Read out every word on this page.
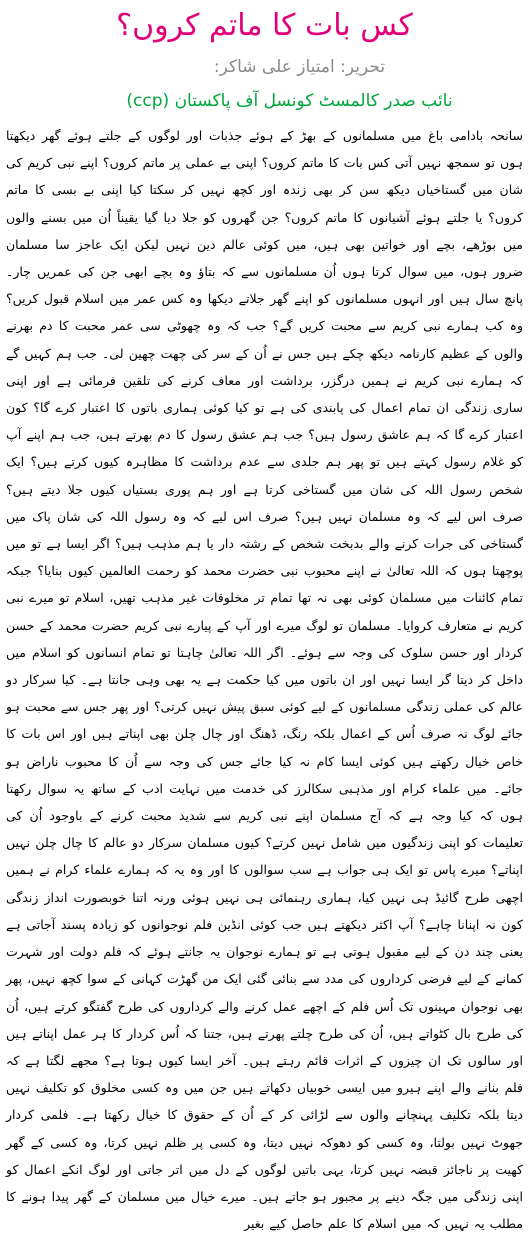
کس بات کا ماتم کروں؟
تحریر: امتیاز علی شاکر:
نائب صدر کالمسٹ کونسل آف پاکستان (ccp)

سانحہ بادامی باغ میں مسلمانوں کے بھڑ کے ہوئے جذبات اور لوگوں کے جلتے ہوئے گھر دیکھتا ہوں تو سمجھ نہیں آتی کس بات کا ماتم کروں؟ اپنی بے عملی پر ماتم کروں؟ اپنے نبی کریم کی شان میں گستاخیاں دیکھ سن کر بھی زندہ اور کچھ نہیں کر سکتا کیا اپنی بے بسی کا ماتم کروں؟ یا جلتے ہوئے آشیانوں کا ماتم کروں؟ جن گھروں کو جلا دیا گیا یقیناً اُن میں بسنے والوں میں بوڑھے، بچے اور خواتین بھی ہیں، میں کوئی عالم دین نہیں لیکن ایک عاجز سا مسلمان ضرور ہوں، میں سوال کرتا ہوں اُن مسلمانوں سے کہ بتاؤ وہ بچے ابھی جن کی عمریں چار۔ پانچ سال ہیں اور انہوں مسلمانوں کو اپنے گھر جلاتے دیکھا وہ کس عمر میں اسلام قبول کریں؟ وہ کب ہمارے نبی کریم سے محبت کریں گے؟ جب کہ وہ چھوٹی سی عمر محبت کا دم بھرنے والوں کے عظیم کارنامہ دیکھ چکے ہیں جس نے اُن کے سر کی چھت چھین لی۔ جب ہم کہیں گے کہ ہمارے نبی کریم نے ہمیں درگزر، برداشت اور معاف کرنے کی تلقین فرمائی ہے اور اپنی ساری زندگی ان تمام اعمال کی پابندی کی ہے تو کیا کوئی ہماری باتوں کا اعتبار کرے گا؟ کون اعتبار کرے گا کہ ہم عاشق رسول ہیں؟ جب ہم عشق رسول کا دم بھرتے ہیں، جب ہم اپنے آپ کو غلام رسول کہتے ہیں تو پھر ہم جلدی سے عدم برداشت کا مظاہرہ کیوں کرتے ہیں؟ ایک شخص رسول اللہ کی شان میں گستاخی کرتا ہے اور ہم پوری بستیاں کیوں جلا دیتے ہیں؟ صرف اس لیے کہ وہ مسلمان نہیں ہیں؟ صرف اس لیے کہ وہ رسول اللہ کی شان پاک میں گستاخی کی جرات کرنے والے بدبخت شخص کے رشتہ دار یا ہم مذہب ہیں؟ اگر ایسا ہے تو میں پوچھتا ہوں کہ اللہ تعالیٰ نے اپنے محبوب نبی حضرت محمد کو رحمت العالمین کیوں بنایا؟ جبکہ تمام کائنات میں مسلمان کوئی بھی نہ تھا تمام تر مخلوقات غیر مذہب تھیں، اسلام تو میرے نبی کریم نے متعارف کروایا۔ مسلمان تو لوگ میرے اور آپ کے پیارے نبی کریم حضرت محمد کے حسن کردار اور حسن سلوک کی وجہ سے ہوئے۔ اگر اللہ تعالیٰ چاہتا تو تمام انسانوں کو اسلام میں داخل کر دیتا گر ایسا نہیں اور ان باتوں میں کیا حکمت ہے یہ بھی وہی جانتا ہے۔ کیا سرکار دو عالم کی عملی زندگی مسلمانوں کے لیے کوئی سبق پیش نہیں کرتی؟ اور پھر جس سے محبت ہو جائے لوگ نہ صرف اُس کے اعمال بلکہ رنگ، ڈھنگ اور چال چلن بھی اپناتے ہیں اور اس بات کا خاص خیال رکھتے ہیں کوئی ایسا کام نہ کیا جائے جس کی وجہ سے اُن کا محبوب ناراض ہو جائے۔ میں علماء کرام اور مذہبی سکالرز کی خدمت میں نہایت ادب کے ساتھ یہ سوال رکھتا ہوں کہ کیا وجہ ہے کہ آج مسلمان اپنے نبی کریم سے شدید محبت کرنے کے باوجود اُن کی تعلیمات کو اپنی زندگیوں میں شامل نہیں کرتے؟ کیوں مسلمان سرکار دو عالم کا چال چلن نہیں اپناتے؟ میرے پاس تو ایک ہی جواب ہے سب سوالوں کا اور وہ یہ کہ ہمارے علماء کرام نے ہمیں اچھی طرح گائیڈ ہی نہیں کیا، ہماری رہنمائی ہی نہیں ہوئی ورنہ اتنا خوبصورت انداز زندگی کون نہ اپنانا چاہے؟ آپ اکثر دیکھتے ہیں جب کوئی انڈین فلم نوجوانوں کو زیادہ پسند آجاتی ہے یعنی چند دن کے لیے مقبول ہوتی ہے تو ہمارے نوجوان یہ جانتے ہوئے کہ فلم دولت اور شہرت کمانے کے لیے فرضی کرداروں کی مدد سے بنائی گئی ایک من گھڑت کہانی کے سوا کچھ نہیں، پھر بھی نوجوان مہینوں تک اُس فلم کے اچھے عمل کرنے والے کرداروں کی طرح گفتگو کرتے ہیں، اُن کی طرح بال کٹواتے ہیں، اُن کی طرح چلتے پھرتے ہیں، جتنا کہ اُس کردار کا ہر عمل اپناتے ہیں اور سالوں تک ان چیزوں کے اثرات قائم رہتے ہیں۔ آخر ایسا کیوں ہوتا ہے؟ مجھے لگتا ہے کہ فلم بنانے والے اپنے ہیرو میں ایسی خوبیاں دکھاتے ہیں جن میں وہ کسی مخلوق کو تکلیف نہیں دیتا بلکہ تکلیف پہنچانے والوں سے لڑائی کر کے اُن کے حقوق کا خیال رکھتا ہے۔ فلمی کردار جھوٹ نہیں بولتا، وہ کسی کو دھوکہ نہیں دیتا، وہ کسی پر ظلم نہیں کرتا، وہ کسی کے گھر کھیت پر ناجائز قبضہ نہیں کرتا، یہی باتیں لوگوں کے دل میں اتر جاتی اور لوگ انکے اعمال کو اپنی زندگی میں جگہ دینے پر مجبور ہو جاتے ہیں۔ میرے خیال میں مسلمان کے گھر پیدا ہونے کا مطلب یہ نہیں کہ میں اسلام کا علم حاصل کیے بغیر
